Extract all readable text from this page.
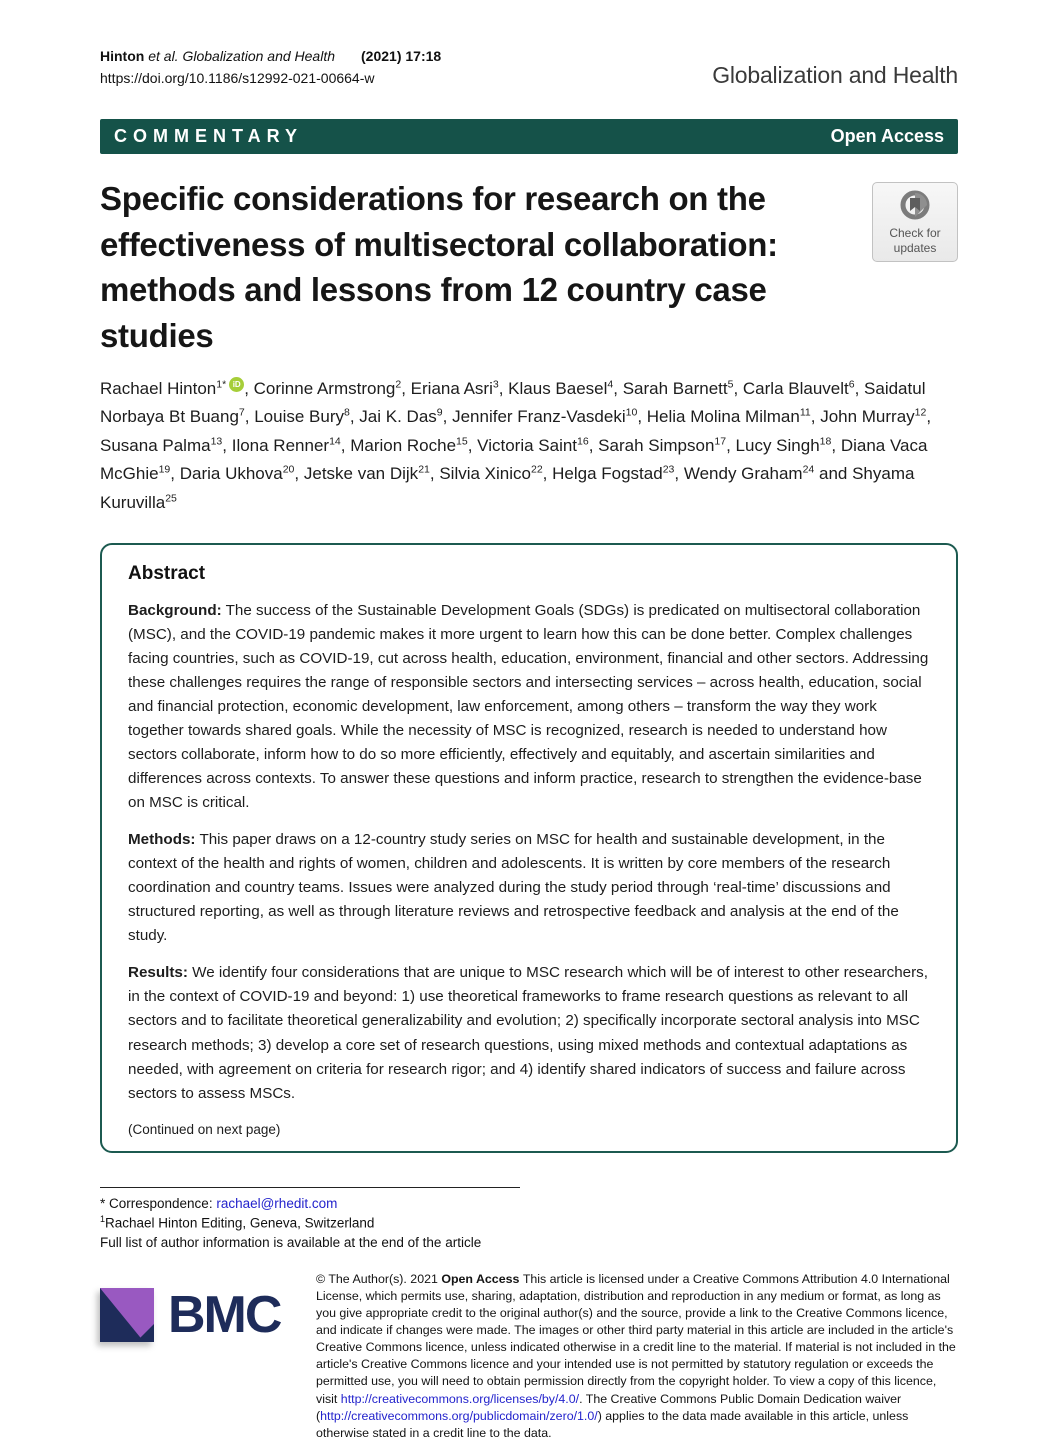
Hinton et al. Globalization and Health (2021) 17:18
https://doi.org/10.1186/s12992-021-00664-w	Globalization and Health
COMMENTARY	Open Access
Specific considerations for research on the effectiveness of multisectoral collaboration: methods and lessons from 12 country case studies
Check for updates
Rachael Hinton$^{1*}$ iD , Corinne Armstrong$^2$, Eriana Asri$^3$, Klaus Baesel$^4$, Sarah Barnett$^5$, Carla Blauvelt$^6$, Saidatul Norbaya Bt Buang$^7$, Louise Bury$^8$, Jai K. Das$^9$, Jennifer Franz-Vasdeki$^{10}$, Helia Molina Milman$^{11}$, John Murray$^{12}$, Susana Palma$^{13}$, Ilona Renner$^{14}$, Marion Roche$^{15}$, Victoria Saint$^{16}$, Sarah Simpson$^{17}$, Lucy Singh$^{18}$, Diana Vaca McGhie$^{19}$, Daria Ukhova$^{20}$, Jetske van Dijk$^{21}$, Silvia Xinico$^{22}$, Helga Fogstad$^{23}$, Wendy Graham$^{24}$ and Shyama Kuruvilla$^{25}$
Abstract

Background: The success of the Sustainable Development Goals (SDGs) is predicated on multisectoral collaboration (MSC), and the COVID-19 pandemic makes it more urgent to learn how this can be done better. Complex challenges facing countries, such as COVID-19, cut across health, education, environment, financial and other sectors. Addressing these challenges requires the range of responsible sectors and intersecting services – across health, education, social and financial protection, economic development, law enforcement, among others – transform the way they work together towards shared goals. While the necessity of MSC is recognized, research is needed to understand how sectors collaborate, inform how to do so more efficiently, effectively and equitably, and ascertain similarities and differences across contexts. To answer these questions and inform practice, research to strengthen the evidence-base on MSC is critical.

Methods: This paper draws on a 12-country study series on MSC for health and sustainable development, in the context of the health and rights of women, children and adolescents. It is written by core members of the research coordination and country teams. Issues were analyzed during the study period through ‘real-time’ discussions and structured reporting, as well as through literature reviews and retrospective feedback and analysis at the end of the study.

Results: We identify four considerations that are unique to MSC research which will be of interest to other researchers, in the context of COVID-19 and beyond: 1) use theoretical frameworks to frame research questions as relevant to all sectors and to facilitate theoretical generalizability and evolution; 2) specifically incorporate sectoral analysis into MSC research methods; 3) develop a core set of research questions, using mixed methods and contextual adaptations as needed, with agreement on criteria for research rigor; and 4) identify shared indicators of success and failure across sectors to assess MSCs.

(Continued on next page)
* Correspondence: rachael@rhedit.com
$^1$Rachael Hinton Editing, Geneva, Switzerland
Full list of author information is available at the end of the article
BMC
© The Author(s). 2021 Open Access This article is licensed under a Creative Commons Attribution 4.0 International License, which permits use, sharing, adaptation, distribution and reproduction in any medium or format, as long as you give appropriate credit to the original author(s) and the source, provide a link to the Creative Commons licence, and indicate if changes were made. The images or other third party material in this article are included in the article's Creative Commons licence, unless indicated otherwise in a credit line to the material. If material is not included in the article's Creative Commons licence and your intended use is not permitted by statutory regulation or exceeds the permitted use, you will need to obtain permission directly from the copyright holder. To view a copy of this licence, visit http://creativecommons.org/licenses/by/4.0/. The Creative Commons Public Domain Dedication waiver (http://creativecommons.org/publicdomain/zero/1.0/) applies to the data made available in this article, unless otherwise stated in a credit line to the data.
